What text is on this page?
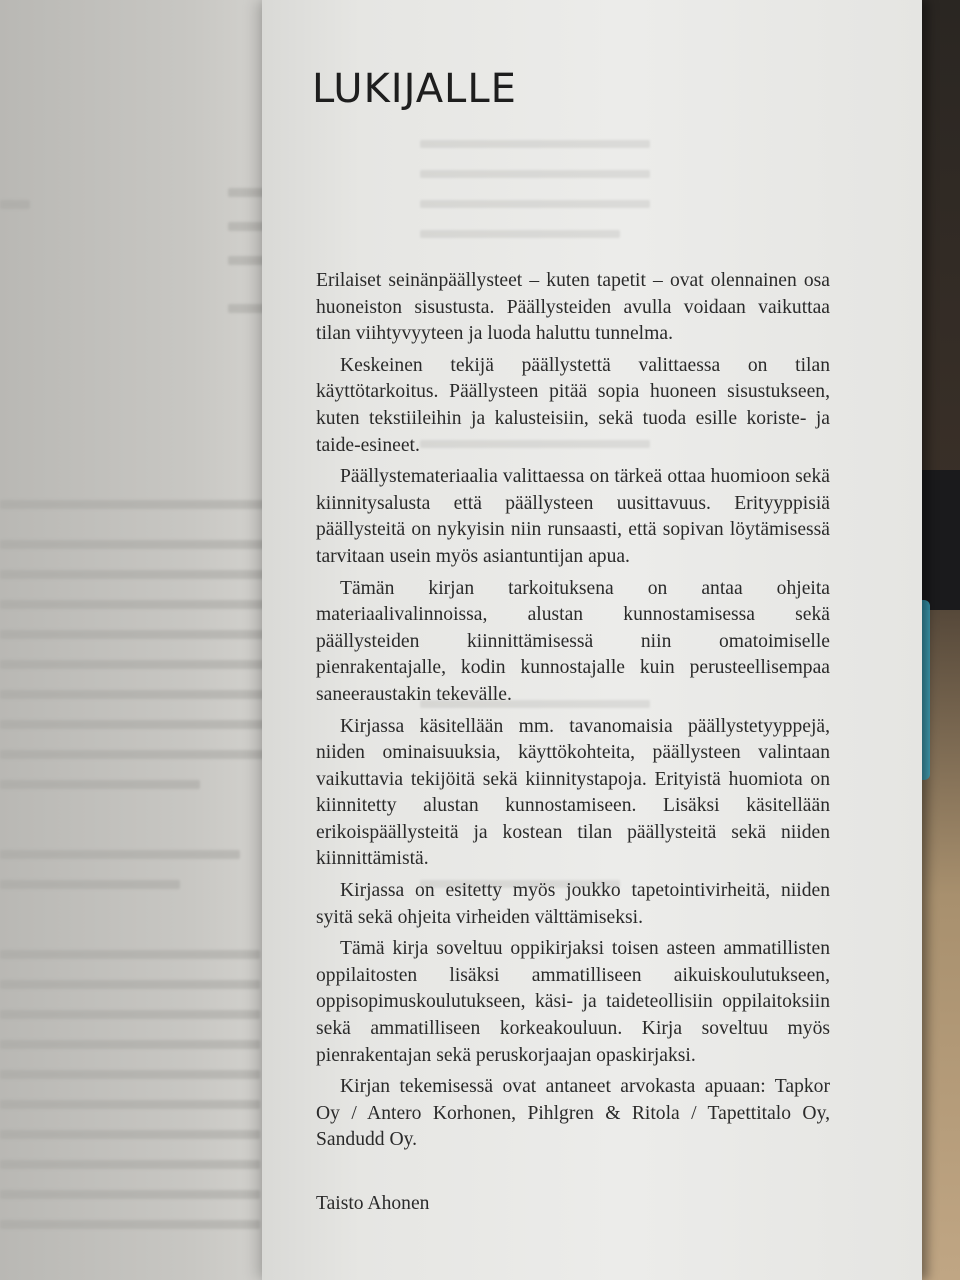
LUKIJALLE

Erilaiset seinänpäällysteet – kuten tapetit – ovat olennainen osa huoneiston sisustusta. Päällysteiden avulla voidaan vaikuttaa tilan viihtyvyyteen ja luoda haluttu tunnelma.

Keskeinen tekijä päällystettä valittaessa on tilan käyttötarkoitus. Päällysteen pitää sopia huoneen sisustukseen, kuten tekstiileihin ja kalusteisiin, sekä tuoda esille koriste- ja taide-esineet.

Päällystemateriaalia valittaessa on tärkeä ottaa huomioon sekä kiinnitysalusta että päällysteen uusittavuus. Erityyppisiä päällysteitä on nykyisin niin runsaasti, että sopivan löytämisessä tarvitaan usein myös asiantuntijan apua.

Tämän kirjan tarkoituksena on antaa ohjeita materiaalivalinnoissa, alustan kunnostamisessa sekä päällysteiden kiinnittämisessä niin omatoimiselle pienrakentajalle, kodin kunnostajalle kuin perusteellisempaa saneeraustakin tekevälle.

Kirjassa käsitellään mm. tavanomaisia päällystetyyppejä, niiden ominaisuuksia, käyttökohteita, päällysteen valintaan vaikuttavia tekijöitä sekä kiinnitystapoja. Erityistä huomiota on kiinnitetty alustan kunnostamiseen. Lisäksi käsitellään erikoispäällysteitä ja kostean tilan päällysteitä sekä niiden kiinnittämistä.

Kirjassa on esitetty myös joukko tapetointivirheitä, niiden syitä sekä ohjeita virheiden välttämiseksi.

Tämä kirja soveltuu oppikirjaksi toisen asteen ammatillisten oppilaitosten lisäksi ammatilliseen aikuiskoulutukseen, oppisopimuskoulutukseen, käsi- ja taideteollisiin oppilaitoksiin sekä ammatilliseen korkeakouluun. Kirja soveltuu myös pienrakentajan sekä peruskorjaajan opaskirjaksi.

Kirjan tekemisessä ovat antaneet arvokasta apuaan: Tapkor Oy / Antero Korhonen, Pihlgren & Ritola / Tapettitalo Oy, Sandudd Oy.

Taisto Ahonen
